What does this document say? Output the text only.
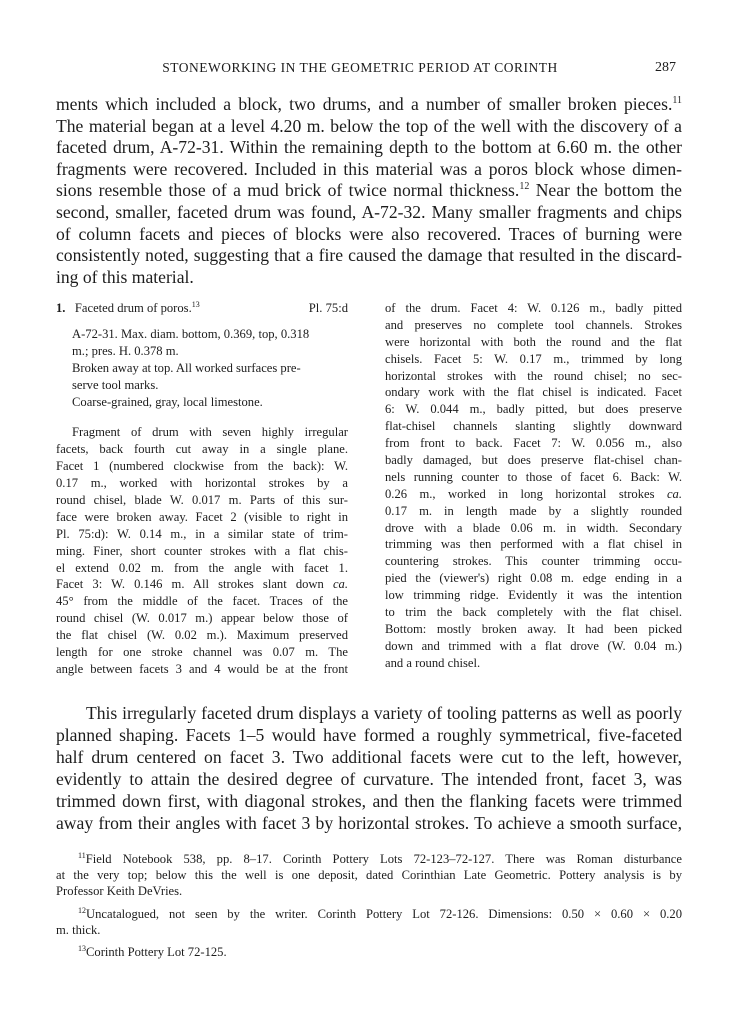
STONEWORKING IN THE GEOMETRIC PERIOD AT CORINTH	287
ments which included a block, two drums, and a number of smaller broken pieces.$^{11}$
The material began at a level 4.20 m. below the top of the well with the discovery of a
faceted drum, A-72-31. Within the remaining depth to the bottom at 6.60 m. the other
fragments were recovered. Included in this material was a poros block whose dimen-
sions resemble those of a mud brick of twice normal thickness.$^{12}$ Near the bottom the
second, smaller, faceted drum was found, A-72-32. Many smaller fragments and chips
of column facets and pieces of blocks were also recovered. Traces of burning were
consistently noted, suggesting that a fire caused the damage that resulted in the discard-
ing of this material.
1. Faceted drum of poros.$^{13}$	Pl. 75:d
A-72-31. Max. diam. bottom, 0.369, top, 0.318
m.; pres. H. 0.378 m.
Broken away at top. All worked surfaces pre-
serve tool marks.
Coarse-grained, gray, local limestone.
Fragment of drum with seven highly irregular
facets, back fourth cut away in a single plane.
Facet 1 (numbered clockwise from the back): W.
0.17 m., worked with horizontal strokes by a
round chisel, blade W. 0.017 m. Parts of this sur-
face were broken away. Facet 2 (visible to right in
Pl. 75:d): W. 0.14 m., in a similar state of trim-
ming. Finer, short counter strokes with a flat chis-
el extend 0.02 m. from the angle with facet 1.
Facet 3: W. 0.146 m. All strokes slant down ca.
45° from the middle of the facet. Traces of the
round chisel (W. 0.017 m.) appear below those of
the flat chisel (W. 0.02 m.). Maximum preserved
length for one stroke channel was 0.07 m. The
angle between facets 3 and 4 would be at the front
of the drum. Facet 4: W. 0.126 m., badly pitted
and preserves no complete tool channels. Strokes
were horizontal with both the round and the flat
chisels. Facet 5: W. 0.17 m., trimmed by long
horizontal strokes with the round chisel; no sec-
ondary work with the flat chisel is indicated. Facet
6: W. 0.044 m., badly pitted, but does preserve
flat-chisel channels slanting slightly downward
from front to back. Facet 7: W. 0.056 m., also
badly damaged, but does preserve flat-chisel chan-
nels running counter to those of facet 6. Back: W.
0.26 m., worked in long horizontal strokes ca.
0.17 m. in length made by a slightly rounded
drove with a blade 0.06 m. in width. Secondary
trimming was then performed with a flat chisel in
countering strokes. This counter trimming occu-
pied the (viewer's) right 0.08 m. edge ending in a
low trimming ridge. Evidently it was the intention
to trim the back completely with the flat chisel.
Bottom: mostly broken away. It had been picked
down and trimmed with a flat drove (W. 0.04 m.)
and a round chisel.
This irregularly faceted drum displays a variety of tooling patterns as well as poorly
planned shaping. Facets 1–5 would have formed a roughly symmetrical, five-faceted
half drum centered on facet 3. Two additional facets were cut to the left, however,
evidently to attain the desired degree of curvature. The intended front, facet 3, was
trimmed down first, with diagonal strokes, and then the flanking facets were trimmed
away from their angles with facet 3 by horizontal strokes. To achieve a smooth surface,
$^{11}$Field Notebook 538, pp. 8–17. Corinth Pottery Lots 72-123–72-127. There was Roman disturbance
at the very top; below this the well is one deposit, dated Corinthian Late Geometric. Pottery analysis is by
Professor Keith DeVries.
$^{12}$Uncatalogued, not seen by the writer. Corinth Pottery Lot 72-126. Dimensions: 0.50 × 0.60 × 0.20
m. thick.
$^{13}$Corinth Pottery Lot 72-125.
